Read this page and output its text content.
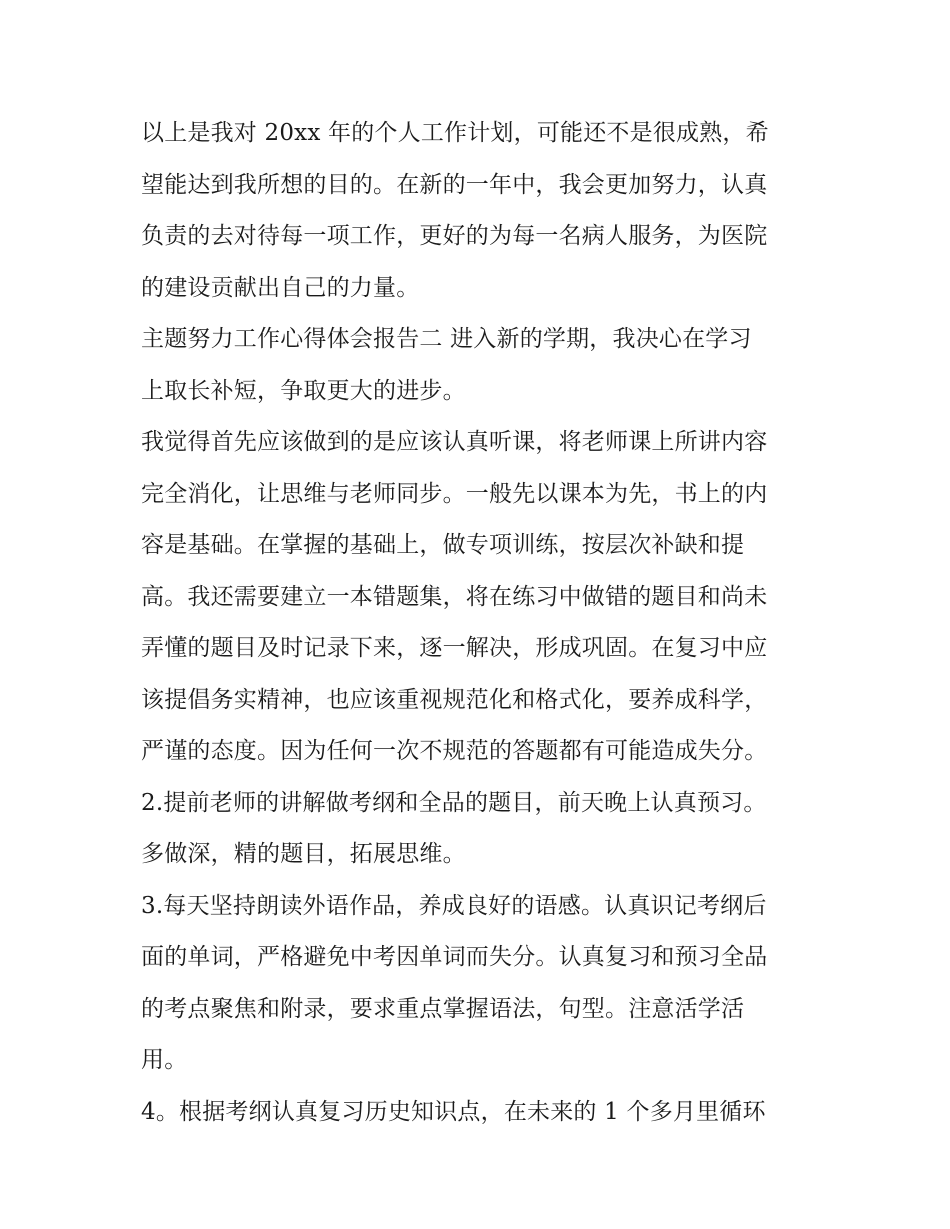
以上是我对 20xx 年的个人工作计划，可能还不是很成熟，希
望能达到我所想的目的。在新的一年中，我会更加努力，认真
负责的去对待每一项工作，更好的为每一名病人服务，为医院
的建设贡献出自己的力量。
主题努力工作心得体会报告二 进入新的学期，我决心在学习
上取长补短，争取更大的进步。
我觉得首先应该做到的是应该认真听课，将老师课上所讲内容
完全消化，让思维与老师同步。一般先以课本为先，书上的内
容是基础。在掌握的基础上，做专项训练，按层次补缺和提
高。我还需要建立一本错题集，将在练习中做错的题目和尚未
弄懂的题目及时记录下来，逐一解决，形成巩固。在复习中应
该提倡务实精神，也应该重视规范化和格式化，要养成科学，
严谨的态度。因为任何一次不规范的答题都有可能造成失分。
2.提前老师的讲解做考纲和全品的题目，前天晚上认真预习。
多做深，精的题目，拓展思维。
3.每天坚持朗读外语作品，养成良好的语感。认真识记考纲后
面的单词，严格避免中考因单词而失分。认真复习和预习全品
的考点聚焦和附录，要求重点掌握语法，句型。注意活学活
用。
4。根据考纲认真复习历史知识点，在未来的 1 个多月里循环
